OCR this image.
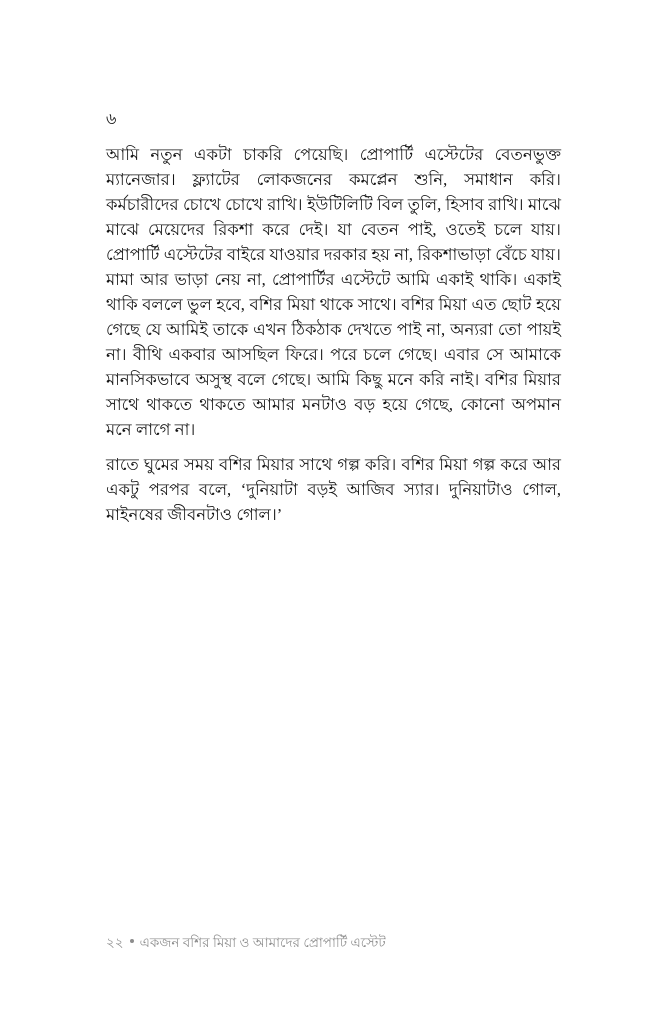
৬

আমি নতুন একটা চাকরি পেয়েছি। প্রোপার্টি এস্টেটের বেতনভুক্ত ম্যানেজার। ফ্ল্যাটের লোকজনের কমপ্লেন শুনি, সমাধান করি। কর্মচারীদের চোখে চোখে রাখি। ইউটিলিটি বিল তুলি, হিসাব রাখি। মাঝে মাঝে মেয়েদের রিকশা করে দেই। যা বেতন পাই, ওতেই চলে যায়। প্রোপার্টি এস্টেটের বাইরে যাওয়ার দরকার হয় না, রিকশাভাড়া বেঁচে যায়। মামা আর ভাড়া নেয় না, প্রোপার্টির এস্টেটে আমি একাই থাকি। একাই থাকি বললে ভুল হবে, বশির মিয়া থাকে সাথে। বশির মিয়া এত ছোট হয়ে গেছে যে আমিই তাকে এখন ঠিকঠাক দেখতে পাই না, অন্যরা তো পায়ই না। বীথি একবার আসছিল ফিরে। পরে চলে গেছে। এবার সে আমাকে মানসিকভাবে অসুস্থ বলে গেছে। আমি কিছু মনে করি নাই। বশির মিয়ার সাথে থাকতে থাকতে আমার মনটাও বড় হয়ে গেছে, কোনো অপমান মনে লাগে না।

রাতে ঘুমের সময় বশির মিয়ার সাথে গল্প করি। বশির মিয়া গল্প করে আর একটু পরপর বলে, ‘দুনিয়াটা বড়ই আজিব স্যার। দুনিয়াটাও গোল, মাইনষের জীবনটাও গোল।’

২২ একজন বশির মিয়া ও আমাদের প্রোপার্টি এস্টেট
